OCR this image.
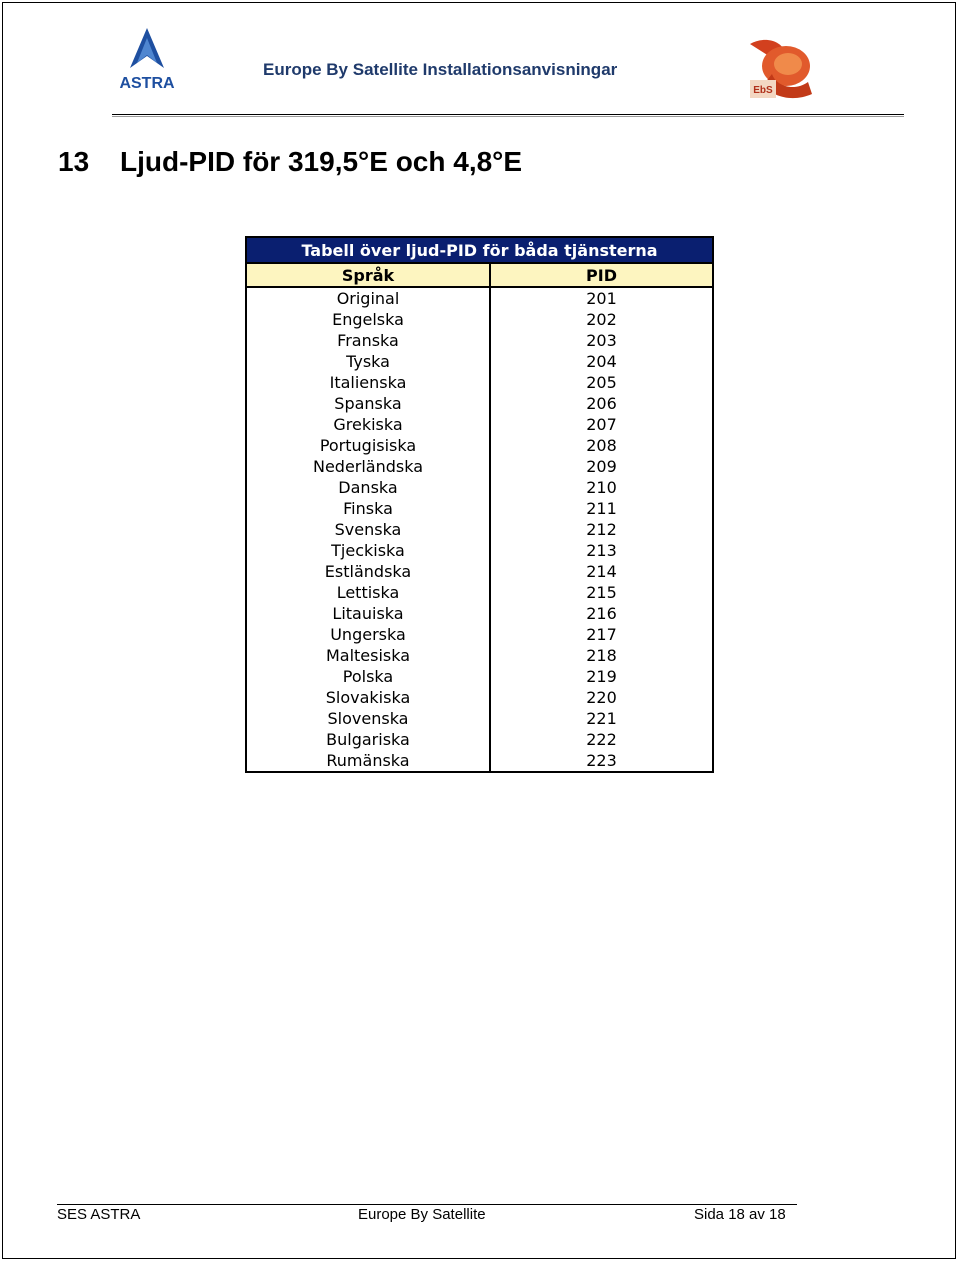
ASTRA
Europe By Satellite Installationsanvisningar
EbS
13 Ljud-PID för 319,5°E och 4,8°E
Tabell över ljud-PID för båda tjänsterna	
Språk	PID
Original	201
Engelska	202
Franska	203
Tyska	204
Italienska	205
Spanska	206
Grekiska	207
Portugisiska	208
Nederländska	209
Danska	210
Finska	211
Svenska	212
Tjeckiska	213
Estländska	214
Lettiska	215
Litauiska	216
Ungerska	217
Maltesiska	218
Polska	219
Slovakiska	220
Slovenska	221
Bulgariska	222
Rumänska	223
SES ASTRA	Europe By Satellite	Sida 18 av 18
